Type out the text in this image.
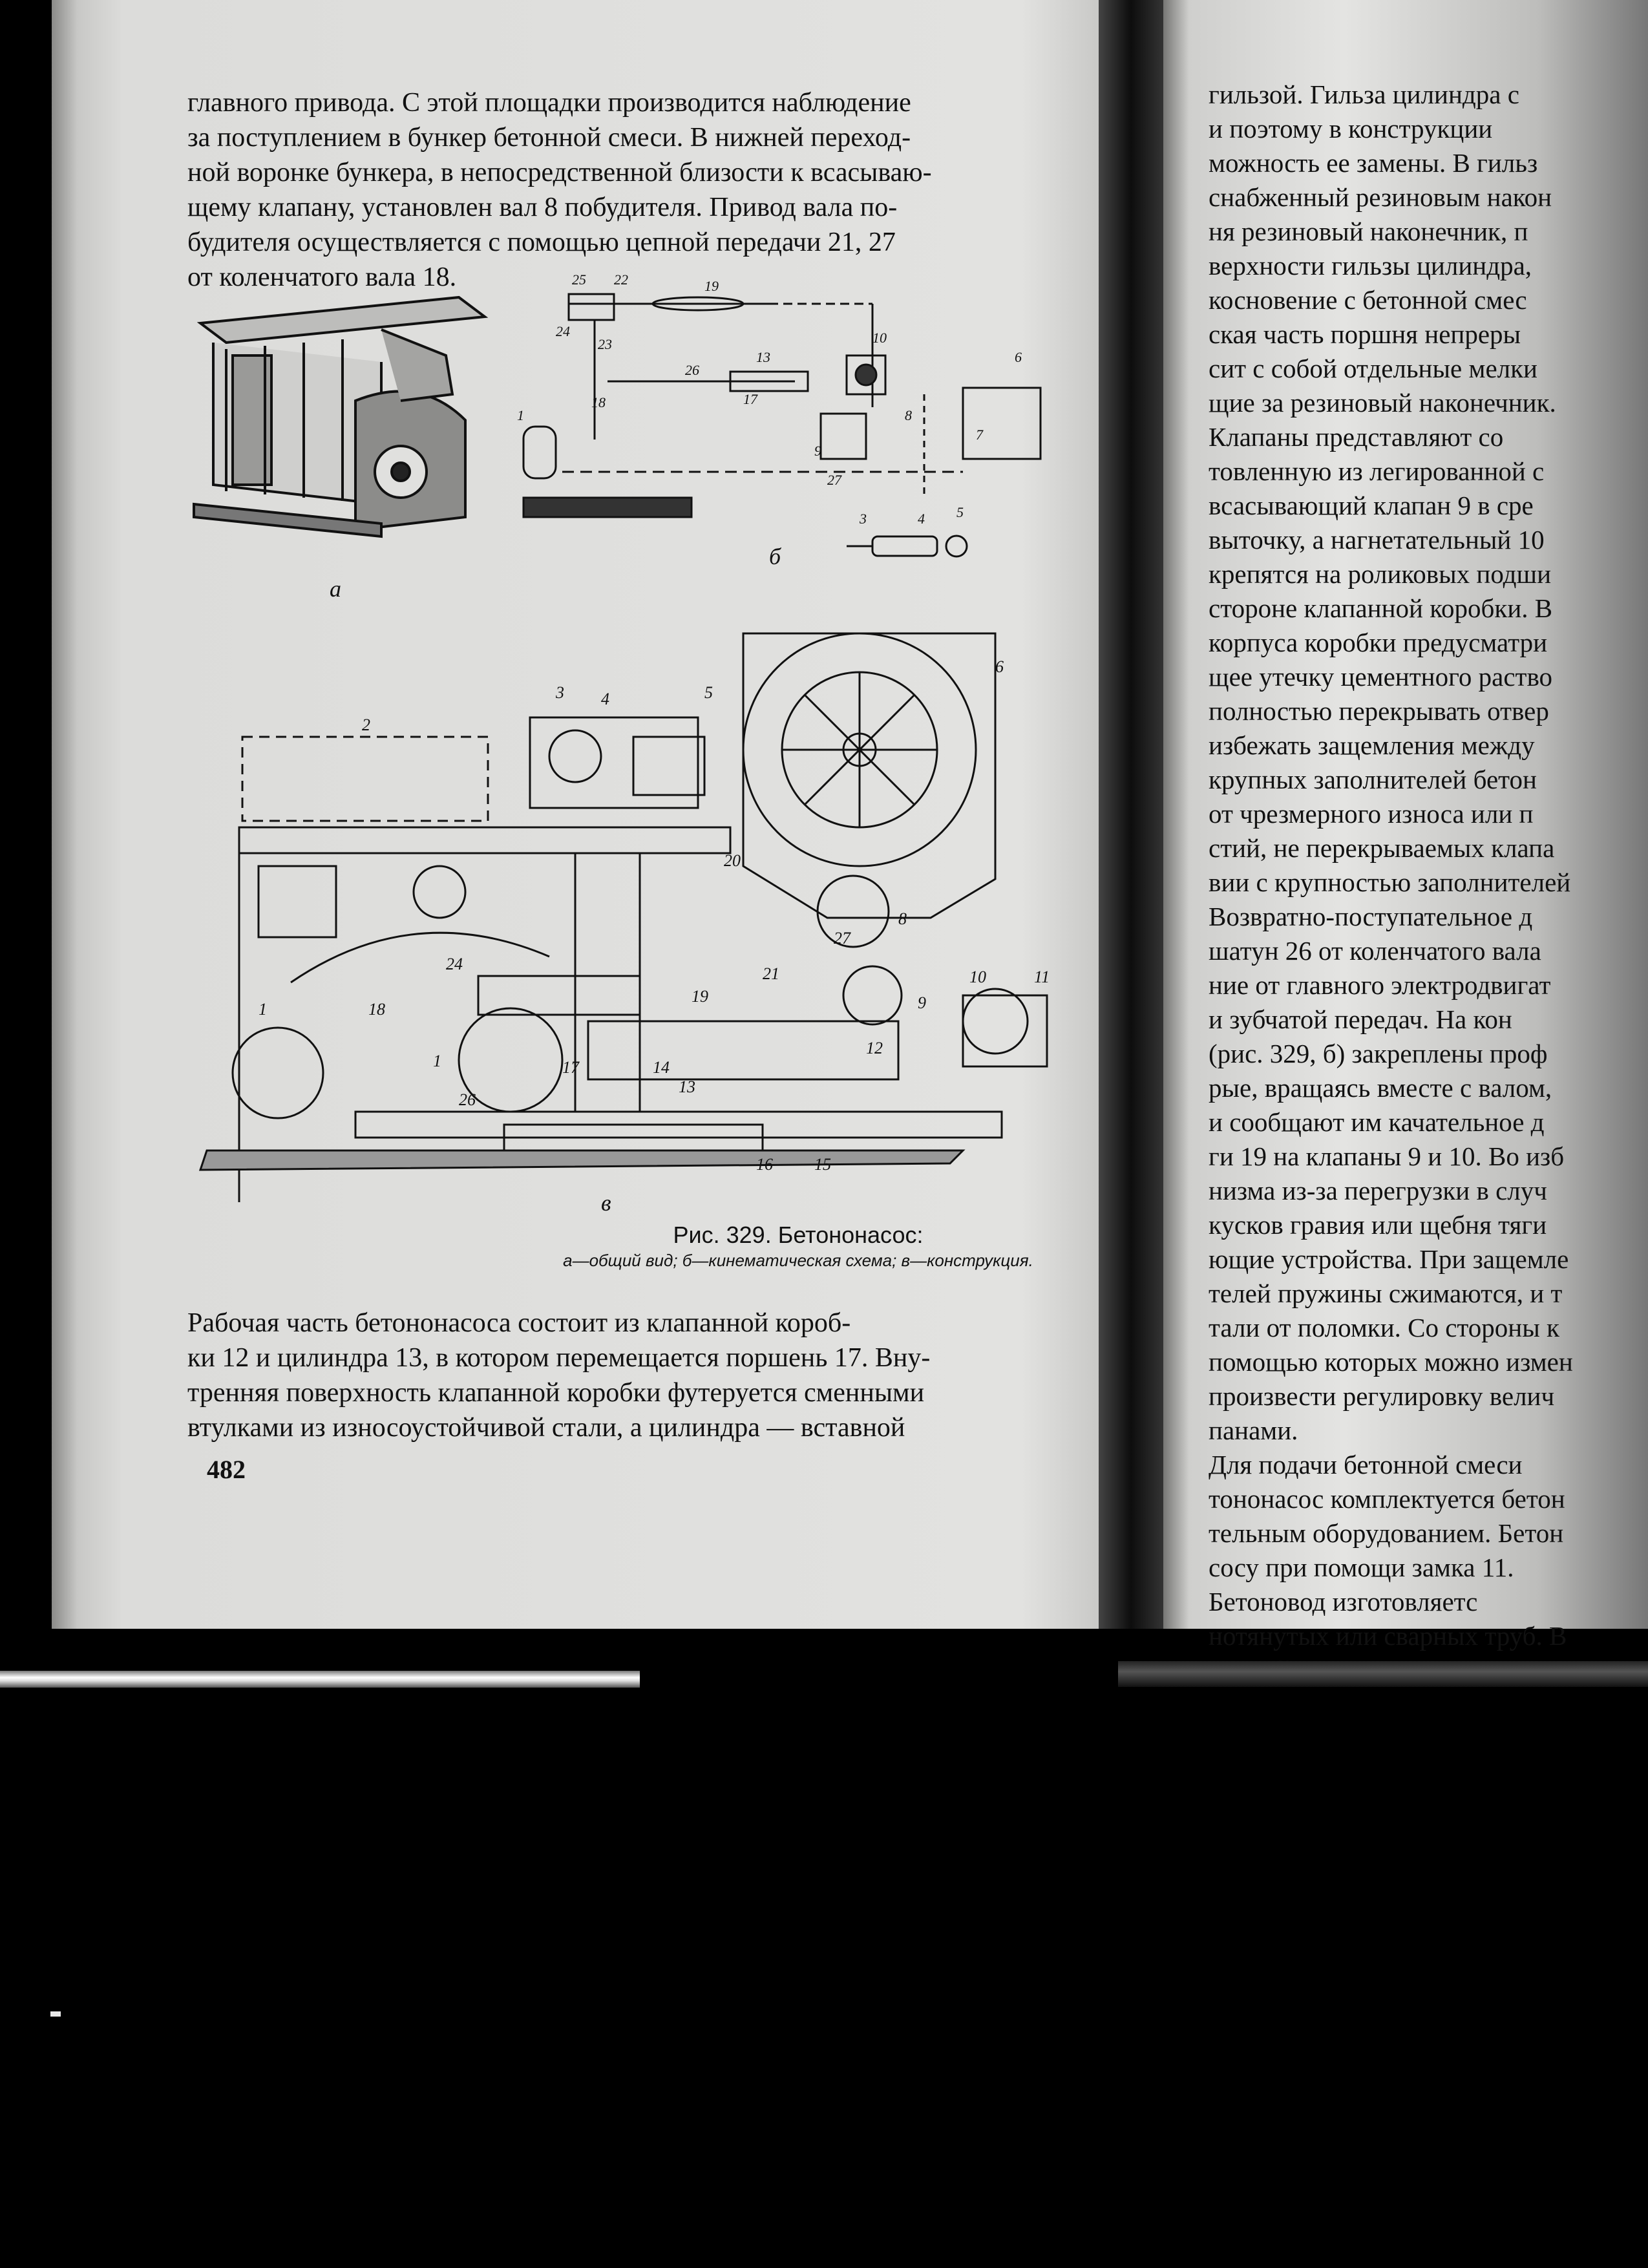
главного привода. С этой площадки производится наблюдение
за поступлением в бункер бетонной смеси. В нижней переход-
ной воронке бункера, в непосредственной близости к всасываю-
щему клапану, установлен вал 8 побудителя. Привод вала по-
будителя осуществляется с помощью цепной передачи 21, 27
от коленчатого вала 18.
а
25 22	19
24
23
18
26
13
17
10
1
27
9
8
7
3	4 5
6
б
2
3 4	5
6
1
20
8
27
21
19	9
10	11
24
18
1
26
17	14
13
12
16 15
в
Рис. 329. Бетононасос:
а—общий вид; б—кинематическая схема; в—конструкция.
Рабочая часть бетононасоса состоит из клапанной короб-
ки 12 и цилиндра 13, в котором перемещается поршень 17. Вну-
тренняя поверхность клапанной коробки футеруется сменными
втулками из износоустойчивой стали, а цилиндра — вставной
482
гильзой. Гильза цилиндра с
и поэтому в конструкции
можность ее замены. В гильз
снабженный резиновым након
ня резиновый наконечник, п
верхности гильзы цилиндра,
косновение с бетонной смес
ская часть поршня непреры
сит с собой отдельные мелки
щие за резиновый наконечник.
Клапаны представляют со
товленную из легированной с
всасывающий клапан 9 в сре
выточку, а нагнетательный 10
крепятся на роликовых подши
стороне клапанной коробки. В
корпуса коробки предусматри
щее утечку цементного раство
полностью перекрывать отвер
избежать защемления между
крупных заполнителей бетон
от чрезмерного износа или п
стий, не перекрываемых клапа
вии с крупностью заполнителей
Возвратно-поступательное д
шатун 26 от коленчатого вала
ние от главного электродвигат
и зубчатой передач. На кон
(рис. 329, б) закреплены проф
рые, вращаясь вместе с валом,
и сообщают им качательное д
ги 19 на клапаны 9 и 10. Во изб
низма из-за перегрузки в случ
кусков гравия или щебня тяги
ющие устройства. При защемле
телей пружины сжимаются, и т
тали от поломки. Со стороны к
помощью которых можно измен
произвести регулировку велич
панами.
Для подачи бетонной смеси
тононасос комплектуется бетон
тельным оборудованием. Бетон
сосу при помощи замка 11.
Бетоновод изготовляетс
нотянутых или сварных труб. В
